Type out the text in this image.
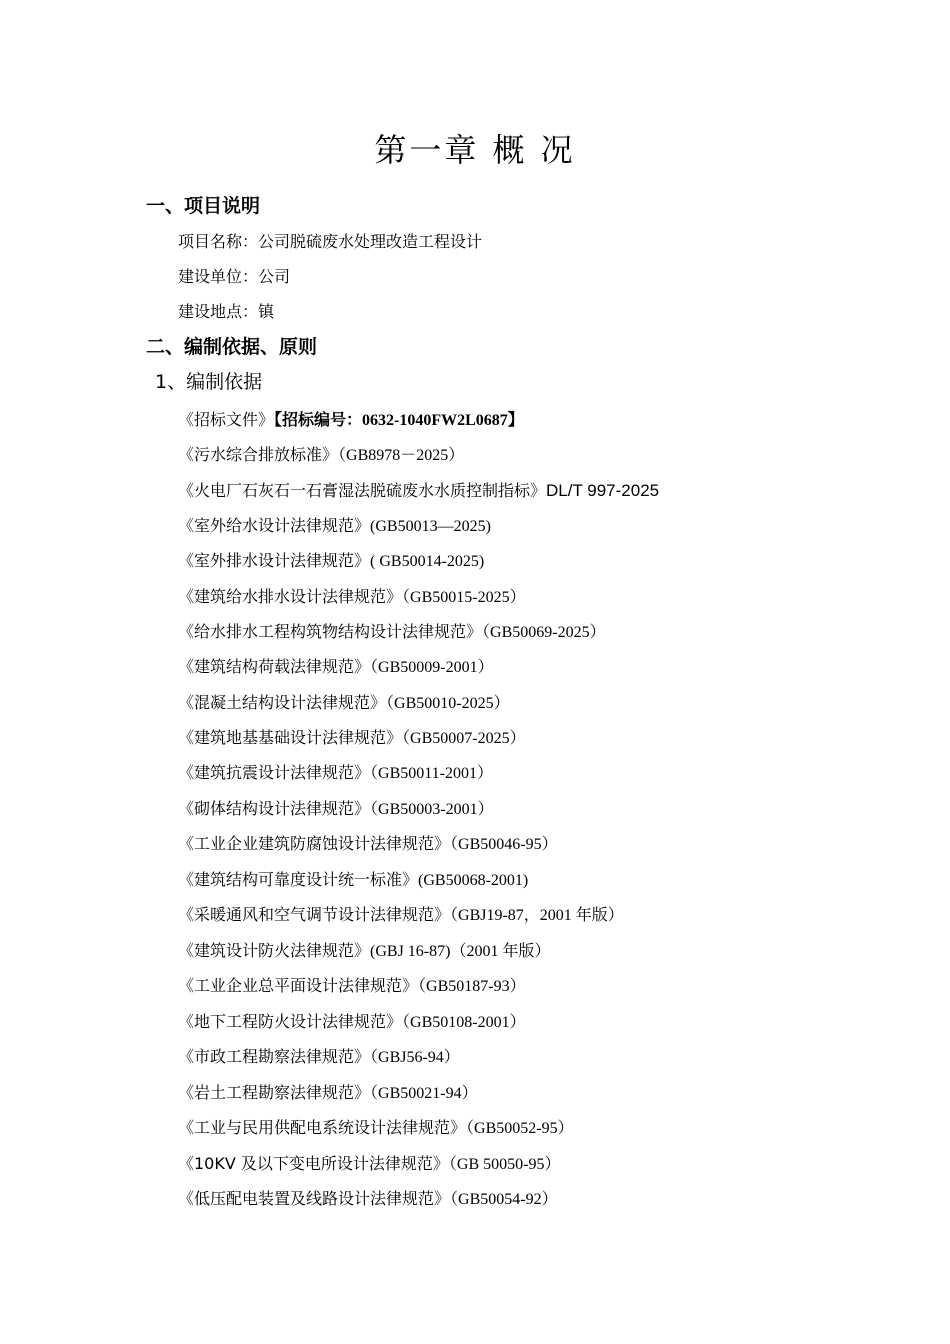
第一章 概 况
一、项目说明
项目名称：公司脱硫废水处理改造工程设计
建设单位：公司
建设地点：镇
二、编制依据、原则
1、编制依据
《招标文件》【招标编号：0632-1040FW2L0687】
《污水综合排放标准》（GB8978－2025）
《火电厂石灰石一石膏湿法脱硫废水水质控制指标》DL/T 997-2025
《室外给水设计法律规范》(GB50013—2025)
《室外排水设计法律规范》( GB50014-2025)
《建筑给水排水设计法律规范》（GB50015-2025）
《给水排水工程构筑物结构设计法律规范》（GB50069-2025）
《建筑结构荷载法律规范》（GB50009-2001）
《混凝土结构设计法律规范》（GB50010-2025）
《建筑地基基础设计法律规范》（GB50007-2025）
《建筑抗震设计法律规范》（GB50011-2001）
《砌体结构设计法律规范》（GB50003-2001）
《工业企业建筑防腐蚀设计法律规范》（GB50046-95）
《建筑结构可靠度设计统一标准》(GB50068-2001)
《采暖通风和空气调节设计法律规范》（GBJ19-87，2001 年版）
《建筑设计防火法律规范》(GBJ 16-87)（2001 年版）
《工业企业总平面设计法律规范》（GB50187-93）
《地下工程防火设计法律规范》（GB50108-2001）
《市政工程勘察法律规范》（GBJ56-94）
《岩土工程勘察法律规范》（GB50021-94）
《工业与民用供配电系统设计法律规范》（GB50052-95）
《10KV 及以下变电所设计法律规范》（GB 50050-95）
《低压配电装置及线路设计法律规范》（GB50054-92）
